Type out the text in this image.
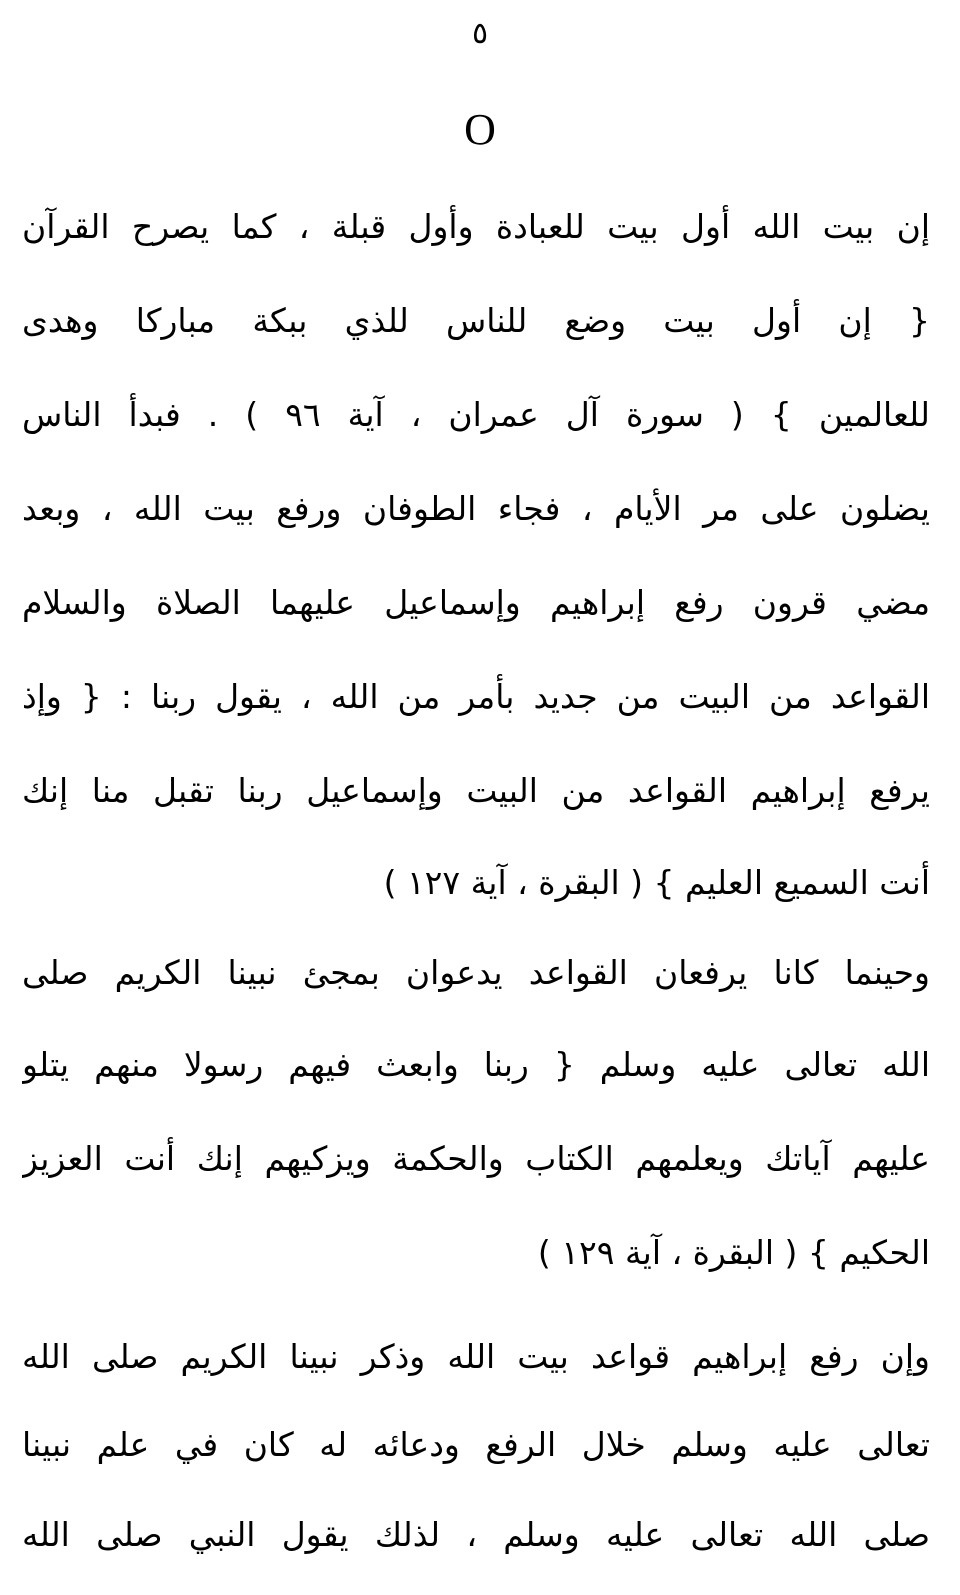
٥
O
إن بيت الله أول بيت للعبادة وأول قبلة ، كما يصرح القرآن
{ إن أول بيت وضع للناس للذي ببكة مباركا وهدى
للعالمين } ( سورة آل عمران ، آية ٩٦ ) . فبدأ الناس
يضلون على مر الأيام ، فجاء الطوفان ورفع بيت الله ، وبعد
مضي قرون رفع إبراهيم وإسماعيل عليهما الصلاة والسلام
القواعد من البيت من جديد بأمر من الله ، يقول ربنا : { وإذ
يرفع إبراهيم القواعد من البيت وإسماعيل ربنا تقبل منا إنك
أنت السميع العليم } ( البقرة ، آية ١٢٧ )
وحينما كانا يرفعان القواعد يدعوان بمجئ نبينا الكريم صلى
الله تعالى عليه وسلم { ربنا وابعث فيهم رسولا منهم يتلو
عليهم آياتك ويعلمهم الكتاب والحكمة ويزكيهم إنك أنت العزيز
الحكيم } ( البقرة ، آية ١٢٩ )
وإن رفع إبراهيم قواعد بيت الله وذكر نبينا الكريم صلى الله
تعالى عليه وسلم خلال الرفع ودعائه له كان في علم نبينا
صلى الله تعالى عليه وسلم ، لذلك يقول النبي صلى الله
